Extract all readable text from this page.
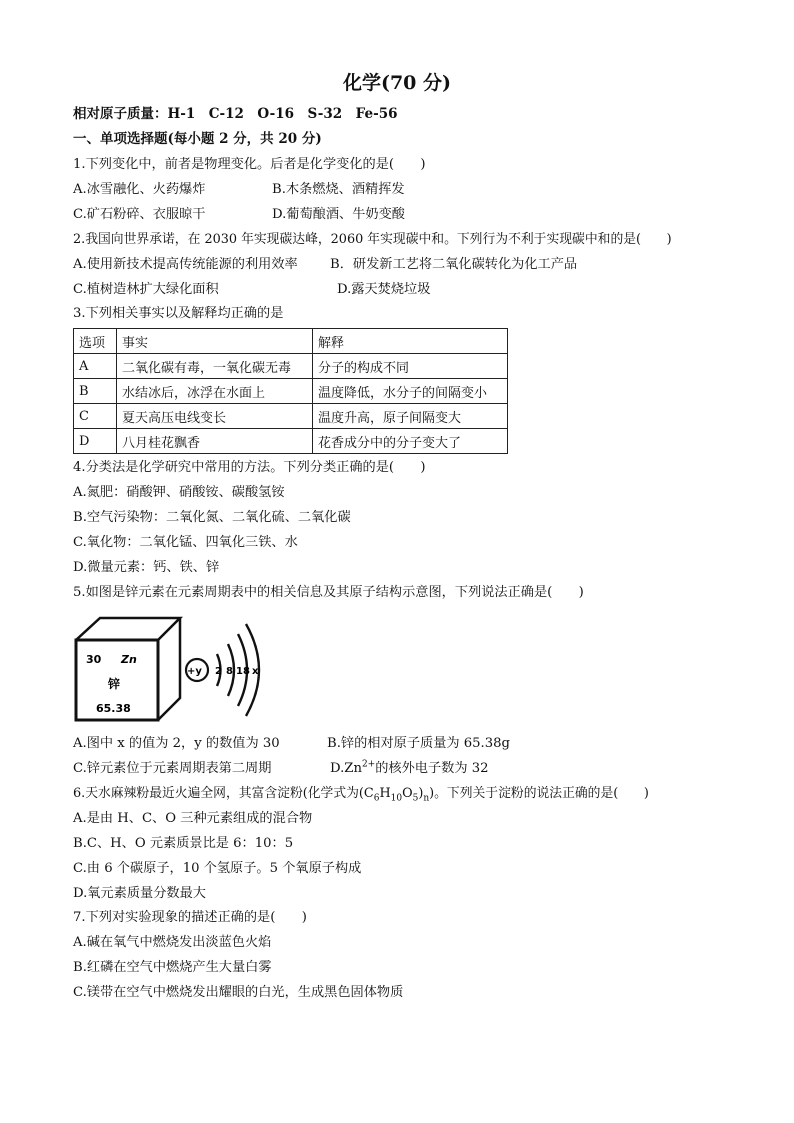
化学(70 分)
相对原子质量：H-1　C-12　O-16　S-32　Fe-56
一、单项选择题(每小题 2 分，共 20 分)
1.下列变化中，前者是物理变化。后者是化学变化的是(　　)
A.冰雪融化、火药爆炸	B.木条燃烧、酒精挥发
C.矿石粉碎、衣服晾干	D.葡萄酿酒、牛奶变酸
2.我国向世界承诺，在 2030 年实现碳达峰，2060 年实现碳中和。下列行为不利于实现碳中和的是(　　)
A.使用新技术提高传统能源的利用效率 B．研发新工艺将二氧化碳转化为化工产品
C.植树造林扩大绿化面积	D.露天焚烧垃圾
3.下列相关事实以及解释均正确的是
选项	事实	解释
A	二氧化碳有毒，一氧化碳无毒	分子的构成不同
B	水结冰后，冰浮在水面上	温度降低，水分子的间隔变小
C	夏天高压电线变长	温度升高，原子间隔变大
D	八月桂花飘香	花香成分中的分子变大了
4.分类法是化学研究中常用的方法。下列分类正确的是(　　)
A.氮肥：硝酸钾、硝酸铵、碳酸氢铵
B.空气污染物：二氧化氮、二氧化硫、二氧化碳
C.氧化物：二氧化锰、四氧化三铁、水
D.微量元素：钙、铁、锌
5.如图是锌元素在元素周期表中的相关信息及其原子结构示意图，下列说法正确是(　　)
30 Zn
锌
65.38
+y 2 8 18 x
A.图中 x 的值为 2，y 的数值为 30	B.锌的相对原子质量为 65.38g
C.锌元素位于元素周期表第二周期	$D.Zn^{2+}$的核外电子数为 32
6.天水麻辣粉最近火遍全网，其富含淀粉(化学式为$(C_6H_{10}O_5)_n$)。下列关于淀粉的说法正确的是(　　)
A.是由 H、C、O 三种元素组成的混合物
B.C、H、O 元素质景比是 6：10：5
C.由 6 个碳原子，10 个氢原子。5 个氧原子构成
D.氧元素质量分数最大
7.下列对实验现象的描述正确的是(　　)
A.碱在氧气中燃烧发出淡蓝色火焰
B.红磷在空气中燃烧产生大量白雾
C.镁带在空气中燃烧发出耀眼的白光，生成黑色固体物质
